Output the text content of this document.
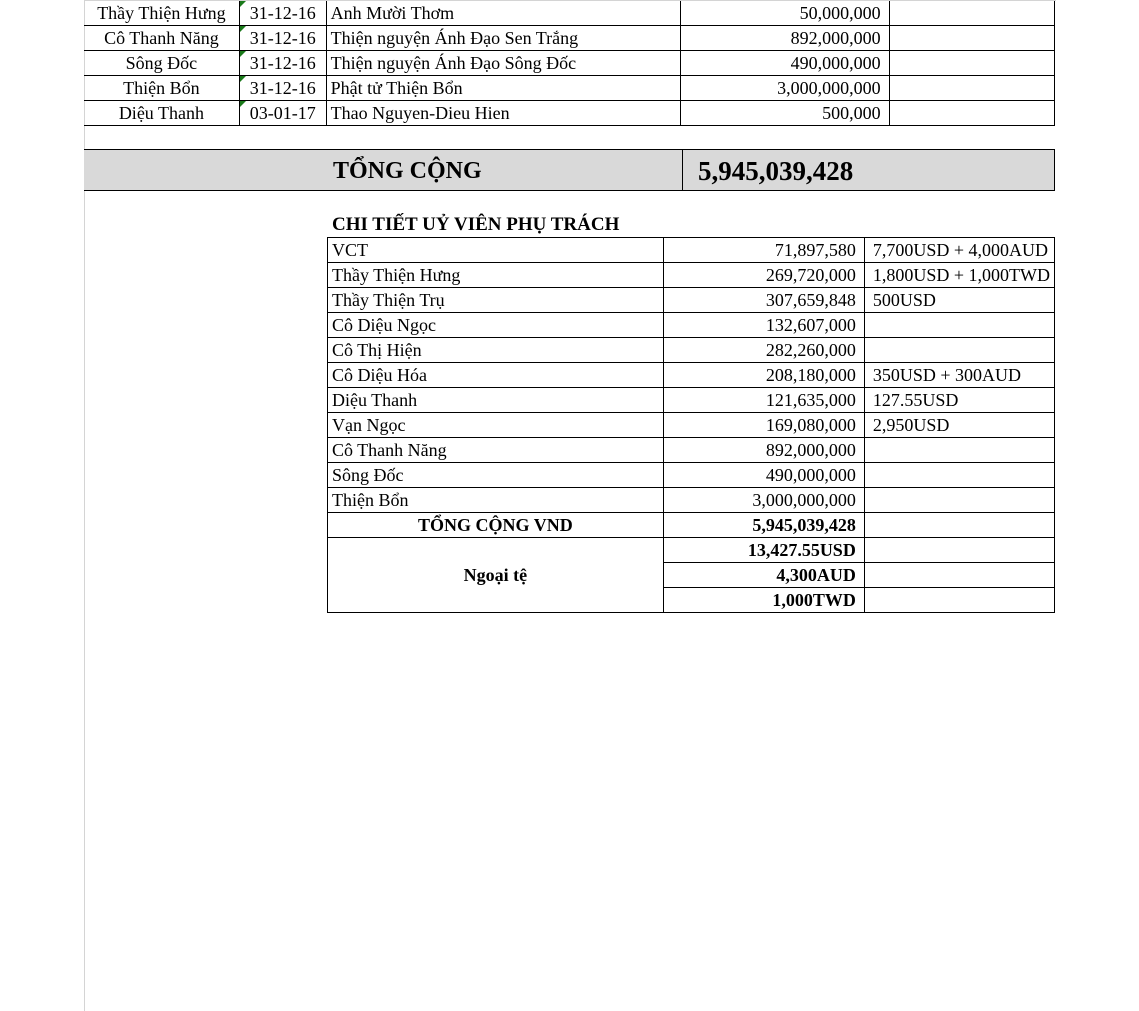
Thầy Thiện Hưng	31-12-16	Anh Mười Thơm	50,000,000	
Cô Thanh Năng	31-12-16	Thiện nguyện Ánh Đạo Sen Trắng	892,000,000	
Sông Đốc	31-12-16	Thiện nguyện Ánh Đạo Sông Đốc	490,000,000	
Thiện Bổn	31-12-16	Phật tử Thiện Bổn	3,000,000,000	
Diệu Thanh	03-01-17	Thao Nguyen-Dieu Hien	500,000	
TỔNG CỘNG	5,945,039,428
CHI TIẾT UỶ VIÊN PHỤ TRÁCH
VCT	71,897,580	7,700USD + 4,000AUD
Thầy Thiện Hưng	269,720,000	1,800USD + 1,000TWD
Thầy Thiện Trụ	307,659,848	500USD
Cô Diệu Ngọc	132,607,000	
Cô Thị Hiện	282,260,000	
Cô Diệu Hóa	208,180,000	350USD + 300AUD
Diệu Thanh	121,635,000	127.55USD
Vạn Ngọc	169,080,000	2,950USD
Cô Thanh Năng	892,000,000	
Sông Đốc	490,000,000	
Thiện Bổn	3,000,000,000	
TỔNG CỘNG VND	5,945,039,428	
Ngoại tệ	13,427.55USD	
	4,300AUD	
	1,000TWD	
